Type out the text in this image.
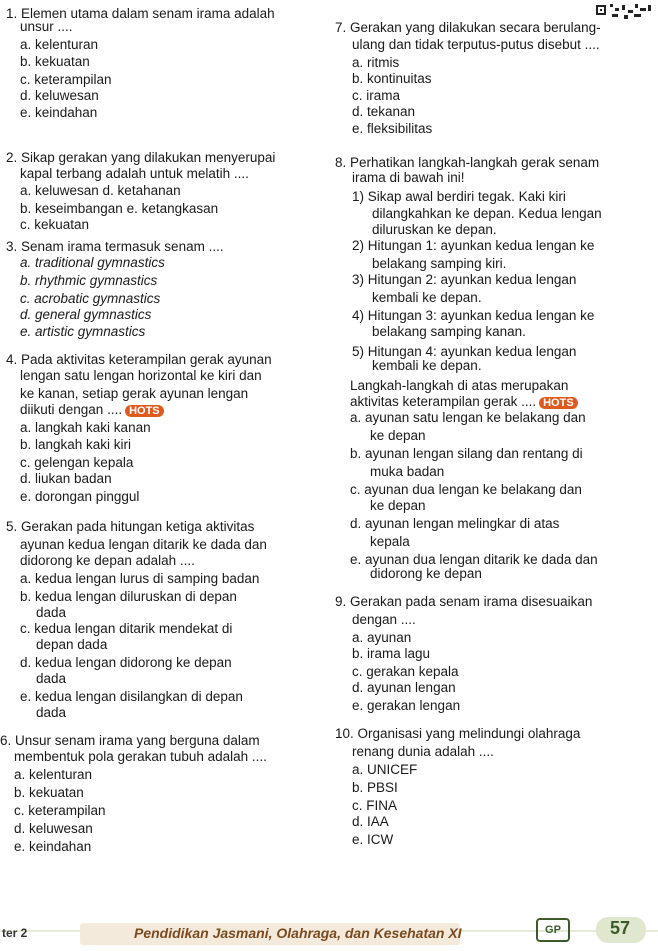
1. Elemen utama dalam senam irama adalah
unsur ....
a. kelenturan
b. kekuatan
c. keterampilan
d. keluwesan
e. keindahan
2. Sikap gerakan yang dilakukan menyerupai
kapal terbang adalah untuk melatih ....
a. keluwesan d. ketahanan
b. keseimbangan e. ketangkasan
c. kekuatan
3. Senam irama termasuk senam ....
a. traditional gymnastics
b. rhythmic gymnastics
c. acrobatic gymnastics
d. general gymnastics
e. artistic gymnastics
4. Pada aktivitas keterampilan gerak ayunan
lengan satu lengan horizontal ke kiri dan
ke kanan, setiap gerak ayunan lengan
diikuti dengan .... HOTS
a. langkah kaki kanan
b. langkah kaki kiri
c. gelengan kepala
d. liukan badan
e. dorongan pinggul
5. Gerakan pada hitungan ketiga aktivitas
ayunan kedua lengan ditarik ke dada dan
didorong ke depan adalah ....
a. kedua lengan lurus di samping badan
b. kedua lengan diluruskan di depan
dada
c. kedua lengan ditarik mendekat di
depan dada
d. kedua lengan didorong ke depan
dada
e. kedua lengan disilangkan di depan
dada
6. Unsur senam irama yang berguna dalam
membentuk pola gerakan tubuh adalah ....
a. kelenturan
b. kekuatan
c. keterampilan
d. keluwesan
e. keindahan
7. Gerakan yang dilakukan secara berulang-
ulang dan tidak terputus-putus disebut ....
a. ritmis
b. kontinuitas
c. irama
d. tekanan
e. fleksibilitas
8. Perhatikan langkah-langkah gerak senam
irama di bawah ini!
1) Sikap awal berdiri tegak. Kaki kiri
dilangkahkan ke depan. Kedua lengan
diluruskan ke depan.
2) Hitungan 1: ayunkan kedua lengan ke
belakang samping kiri.
3) Hitungan 2: ayunkan kedua lengan
kembali ke depan.
4) Hitungan 3: ayunkan kedua lengan ke
belakang samping kanan.
5) Hitungan 4: ayunkan kedua lengan
kembali ke depan.
Langkah-langkah di atas merupakan
aktivitas keterampilan gerak .... HOTS
a. ayunan satu lengan ke belakang dan
ke depan
b. ayunan lengan silang dan rentang di
muka badan
c. ayunan dua lengan ke belakang dan
ke depan
d. ayunan lengan melingkar di atas
kepala
e. ayunan dua lengan ditarik ke dada dan
didorong ke depan
9. Gerakan pada senam irama disesuaikan
dengan ....
a. ayunan
b. irama lagu
c. gerakan kepala
d. ayunan lengan
e. gerakan lengan
10. Organisasi yang melindungi olahraga
renang dunia adalah ....
a. UNICEF
b. PBSI
c. FINA
d. IAA
e. ICW
ter 2	Pendidikan Jasmani, Olahraga, dan Kesehatan XI	GP	57
